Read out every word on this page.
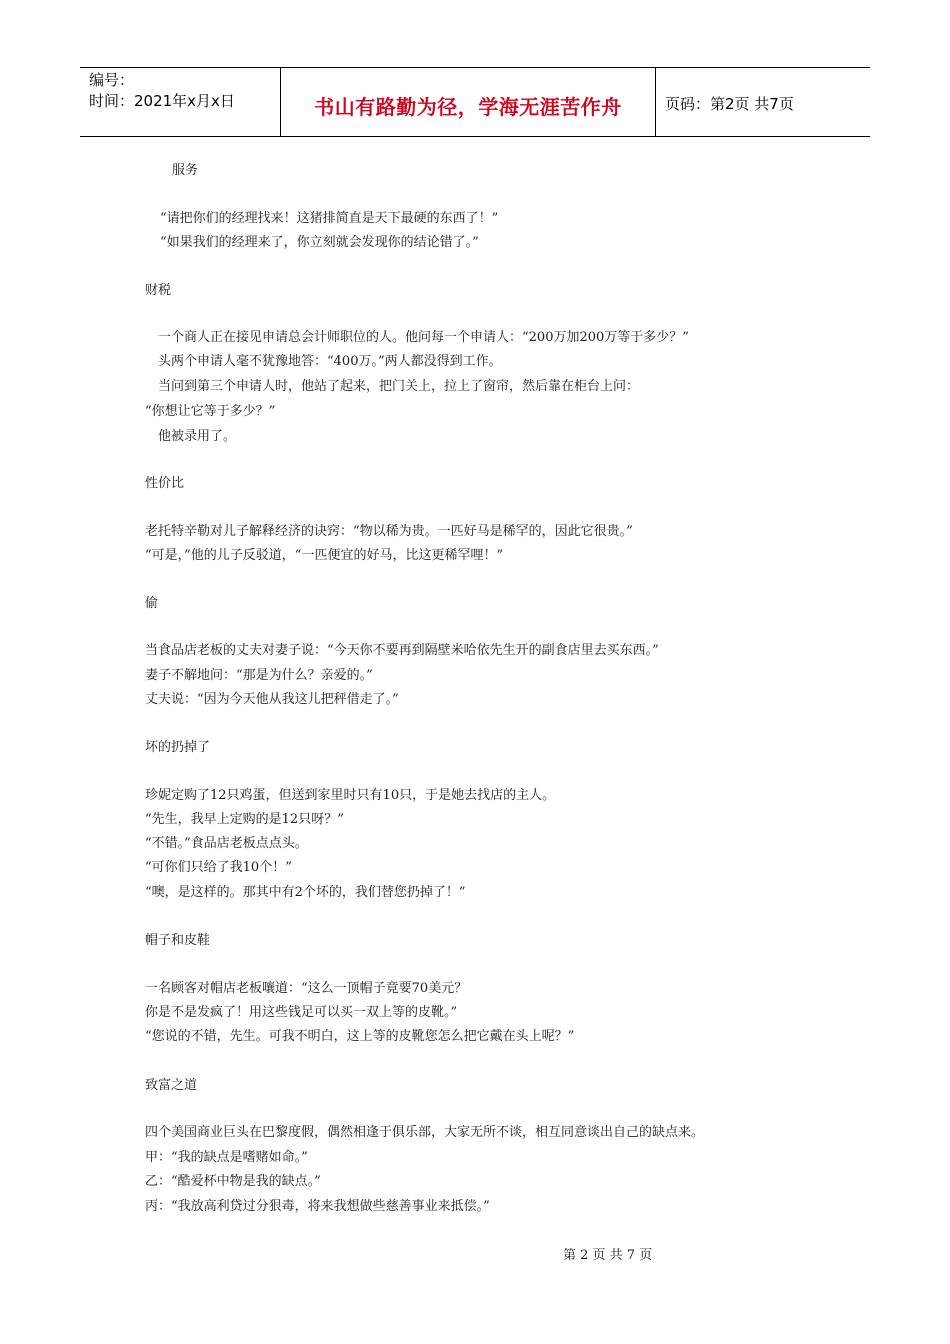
编号：
时间：2021年x月x日	书山有路勤为径，学海无涯苦作舟	页码：第2页 共7页
服务
“请把你们的经理找来！这猪排简直是天下最硬的东西了！”
“如果我们的经理来了，你立刻就会发现你的结论错了。”
财税
一个商人正在接见申请总会计师职位的人。他问每一个申请人：“200万加200万等于多少？”
头两个申请人毫不犹豫地答：“400万。”两人都没得到工作。
当问到第三个申请人时，他站了起来，把门关上，拉上了窗帘，然后靠在柜台上问：
“你想让它等于多少？”
他被录用了。
性价比
老托特辛勒对儿子解释经济的诀窍：“物以稀为贵。一匹好马是稀罕的，因此它很贵。”
“可是，”他的儿子反驳道，“一匹便宜的好马，比这更稀罕哩！”
偷
当食品店老板的丈夫对妻子说：“今天你不要再到隔壁米哈依先生开的副食店里去买东西。”
妻子不解地问：“那是为什么？亲爱的。”
丈夫说：“因为今天他从我这儿把秤借走了。”
坏的扔掉了
珍妮定购了12只鸡蛋，但送到家里时只有10只，于是她去找店的主人。
“先生，我早上定购的是12只呀？”
“不错。”食品店老板点点头。
“可你们只给了我10个！”
“噢，是这样的。那其中有2个坏的，我们替您扔掉了！”
帽子和皮鞋
一名顾客对帽店老板嚷道：“这么一顶帽子竟要70美元？
你是不是发疯了！用这些钱足可以买一双上等的皮靴。”
“您说的不错，先生。可我不明白，这上等的皮靴您怎么把它戴在头上呢？”
致富之道
四个美国商业巨头在巴黎度假，偶然相逢于俱乐部，大家无所不谈，相互同意谈出自己的缺点来。
甲：“我的缺点是嗜赌如命。”
乙：“酷爱杯中物是我的缺点。”
丙：“我放高利贷过分狠毒，将来我想做些慈善事业来抵偿。”
第 2 页 共 7 页
